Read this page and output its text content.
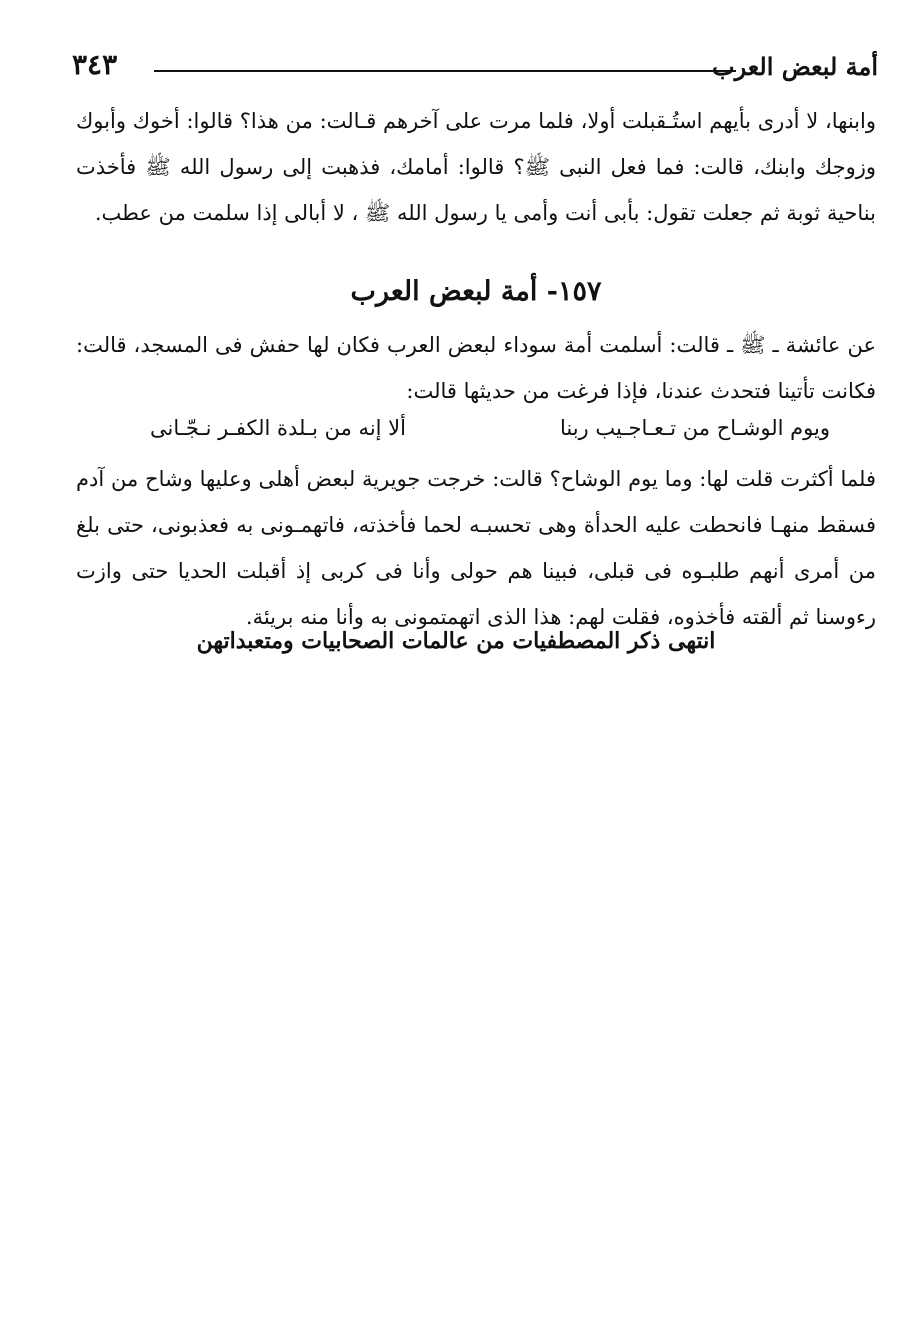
أمة لبعض العرب
٣٤٣

وابنها، لا أدرى بأيهم استُـقبلت أولا، فلما مرت على آخرهم قـالت: من هذا؟ قالوا: أخوك وأبوك وزوجك وابنك، قالت: فما فعل النبى ﷺ؟ قالوا: أمامك، فذهبت إلى رسول الله ﷺ فأخذت بناحية ثوبة ثم جعلت تقول: بأبى أنت وأمى يا رسول الله ﷺ ، لا أبالى إذا سلمت من عطب.

١٥٧- أمة لبعض العرب

عن عائشة ـ ﷺ ـ قالت: أسلمت أمة سوداء لبعض العرب فكان لها حفش فى المسجد، قالت: فكانت تأتينا فتحدث عندنا، فإذا فرغت من حديثها قالت:

ويوم الوشـاح من تـعـاجـيب ربنا
ألا إنه من بـلدة الكفـر نـجّـانى

فلما أكثرت قلت لها: وما يوم الوشاح؟ قالت: خرجت جويرية لبعض أهلى وعليها وشاح من آدم فسقط منهـا فانحطت عليه الحدأة وهى تحسبـه لحما فأخذته، فاتهمـونى به فعذبونى، حتى بلغ من أمرى أنهم طلبـوه فى قبلى، فبينا هم حولى وأنا فى كربى إذ أقبلت الحديا حتى وازت رءوسنا ثم ألقته فأخذوه، فقلت لهم: هذا الذى اتهمتمونى به وأنا منه بريئة.

انتهى ذكر المصطفيات من عالمات الصحابيات ومتعبداتهن
